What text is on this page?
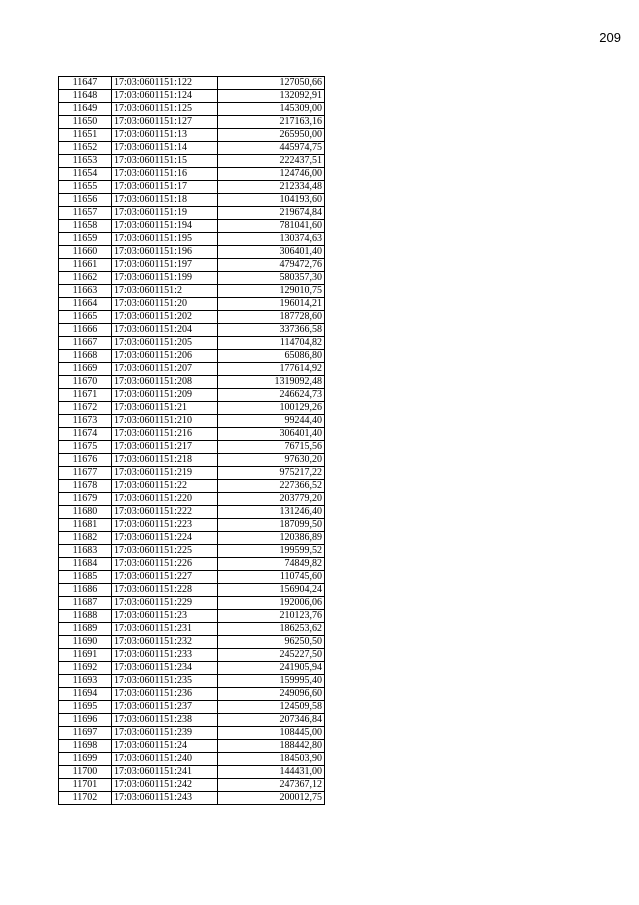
209
11647	17:03:0601151:122	127050,66
11648	17:03:0601151:124	132092,91
11649	17:03:0601151:125	145309,00
11650	17:03:0601151:127	217163,16
11651	17:03:0601151:13	265950,00
11652	17:03:0601151:14	445974,75
11653	17:03:0601151:15	222437,51
11654	17:03:0601151:16	124746,00
11655	17:03:0601151:17	212334,48
11656	17:03:0601151:18	104193,60
11657	17:03:0601151:19	219674,84
11658	17:03:0601151:194	781041,60
11659	17:03:0601151:195	130374,63
11660	17:03:0601151:196	306401,40
11661	17:03:0601151:197	479472,76
11662	17:03:0601151:199	580357,30
11663	17:03:0601151:2	129010,75
11664	17:03:0601151:20	196014,21
11665	17:03:0601151:202	187728,60
11666	17:03:0601151:204	337366,58
11667	17:03:0601151:205	114704,82
11668	17:03:0601151:206	65086,80
11669	17:03:0601151:207	177614,92
11670	17:03:0601151:208	1319092,48
11671	17:03:0601151:209	246624,73
11672	17:03:0601151:21	100129,26
11673	17:03:0601151:210	99244,40
11674	17:03:0601151:216	306401,40
11675	17:03:0601151:217	76715,56
11676	17:03:0601151:218	97630,20
11677	17:03:0601151:219	975217,22
11678	17:03:0601151:22	227366,52
11679	17:03:0601151:220	203779,20
11680	17:03:0601151:222	131246,40
11681	17:03:0601151:223	187099,50
11682	17:03:0601151:224	120386,89
11683	17:03:0601151:225	199599,52
11684	17:03:0601151:226	74849,82
11685	17:03:0601151:227	110745,60
11686	17:03:0601151:228	156904,24
11687	17:03:0601151:229	192006,06
11688	17:03:0601151:23	210123,76
11689	17:03:0601151:231	186253,62
11690	17:03:0601151:232	96250,50
11691	17:03:0601151:233	245227,50
11692	17:03:0601151:234	241905,94
11693	17:03:0601151:235	159995,40
11694	17:03:0601151:236	249096,60
11695	17:03:0601151:237	124509,58
11696	17:03:0601151:238	207346,84
11697	17:03:0601151:239	108445,00
11698	17:03:0601151:24	188442,80
11699	17:03:0601151:240	184503,90
11700	17:03:0601151:241	144431,00
11701	17:03:0601151:242	247367,12
11702	17:03:0601151:243	200012,75
